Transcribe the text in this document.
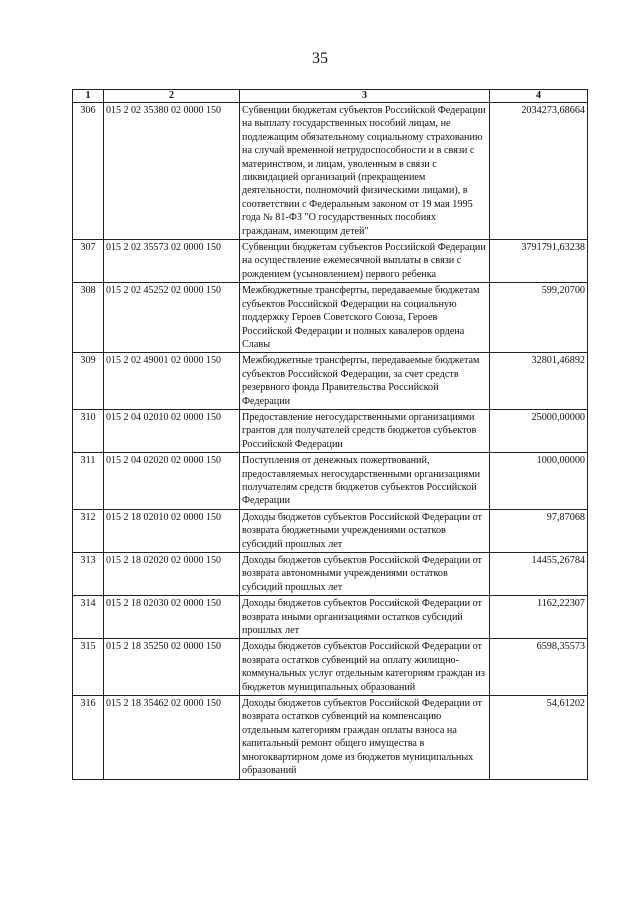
35
1	2	3	4
306	015 2 02 35380 02 0000 150	Субвенции бюджетам субъектов Российской Федерации на выплату государственных пособий лицам, не подлежащим обязательному социальному страхованию на случай временной нетрудоспособности и в связи с материнством, и лицам, уволенным в связи с ликвидацией организаций (прекращением деятельности, полномочий физическими лицами), в соответствии с Федеральным законом от 19 мая 1995 года № 81-ФЗ "О государственных пособиях гражданам, имеющим детей"	2034273,68664
307	015 2 02 35573 02 0000 150	Субвенции бюджетам субъектов Российской Федерации на осуществление ежемесячной выплаты в связи с рождением (усыновлением) первого ребенка	3791791,63238
308	015 2 02 45252 02 0000 150	Межбюджетные трансферты, передаваемые бюджетам субъектов Российской Федерации на социальную поддержку Героев Советского Союза, Героев Российской Федерации и полных кавалеров ордена Славы	599,20700
309	015 2 02 49001 02 0000 150	Межбюджетные трансферты, передаваемые бюджетам субъектов Российской Федерации, за счет средств резервного фонда Правительства Российской Федерации	32801,46892
310	015 2 04 02010 02 0000 150	Предоставление негосударственными организациями грантов для получателей средств бюджетов субъектов Российской Федерации	25000,00000
311	015 2 04 02020 02 0000 150	Поступления от денежных пожертвований, предоставляемых негосударственными организациями получателям средств бюджетов субъектов Российской Федерации	1000,00000
312	015 2 18 02010 02 0000 150	Доходы бюджетов субъектов Российской Федерации от возврата бюджетными учреждениями остатков субсидий прошлых лет	97,87068
313	015 2 18 02020 02 0000 150	Доходы бюджетов субъектов Российской Федерации от возврата автономными учреждениями остатков субсидий прошлых лет	14455,26784
314	015 2 18 02030 02 0000 150	Доходы бюджетов субъектов Российской Федерации от возврата иными организациями остатков субсидий прошлых лет	1162,22307
315	015 2 18 35250 02 0000 150	Доходы бюджетов субъектов Российской Федерации от возврата остатков субвенций на оплату жилищно-коммунальных услуг отдельным категориям граждан из бюджетов муниципальных образований	6598,35573
316	015 2 18 35462 02 0000 150	Доходы бюджетов субъектов Российской Федерации от возврата остатков субвенций на компенсацию отдельным категориям граждан оплаты взноса на капитальный ремонт общего имущества в многоквартирном доме из бюджетов муниципальных образований	54,61202
